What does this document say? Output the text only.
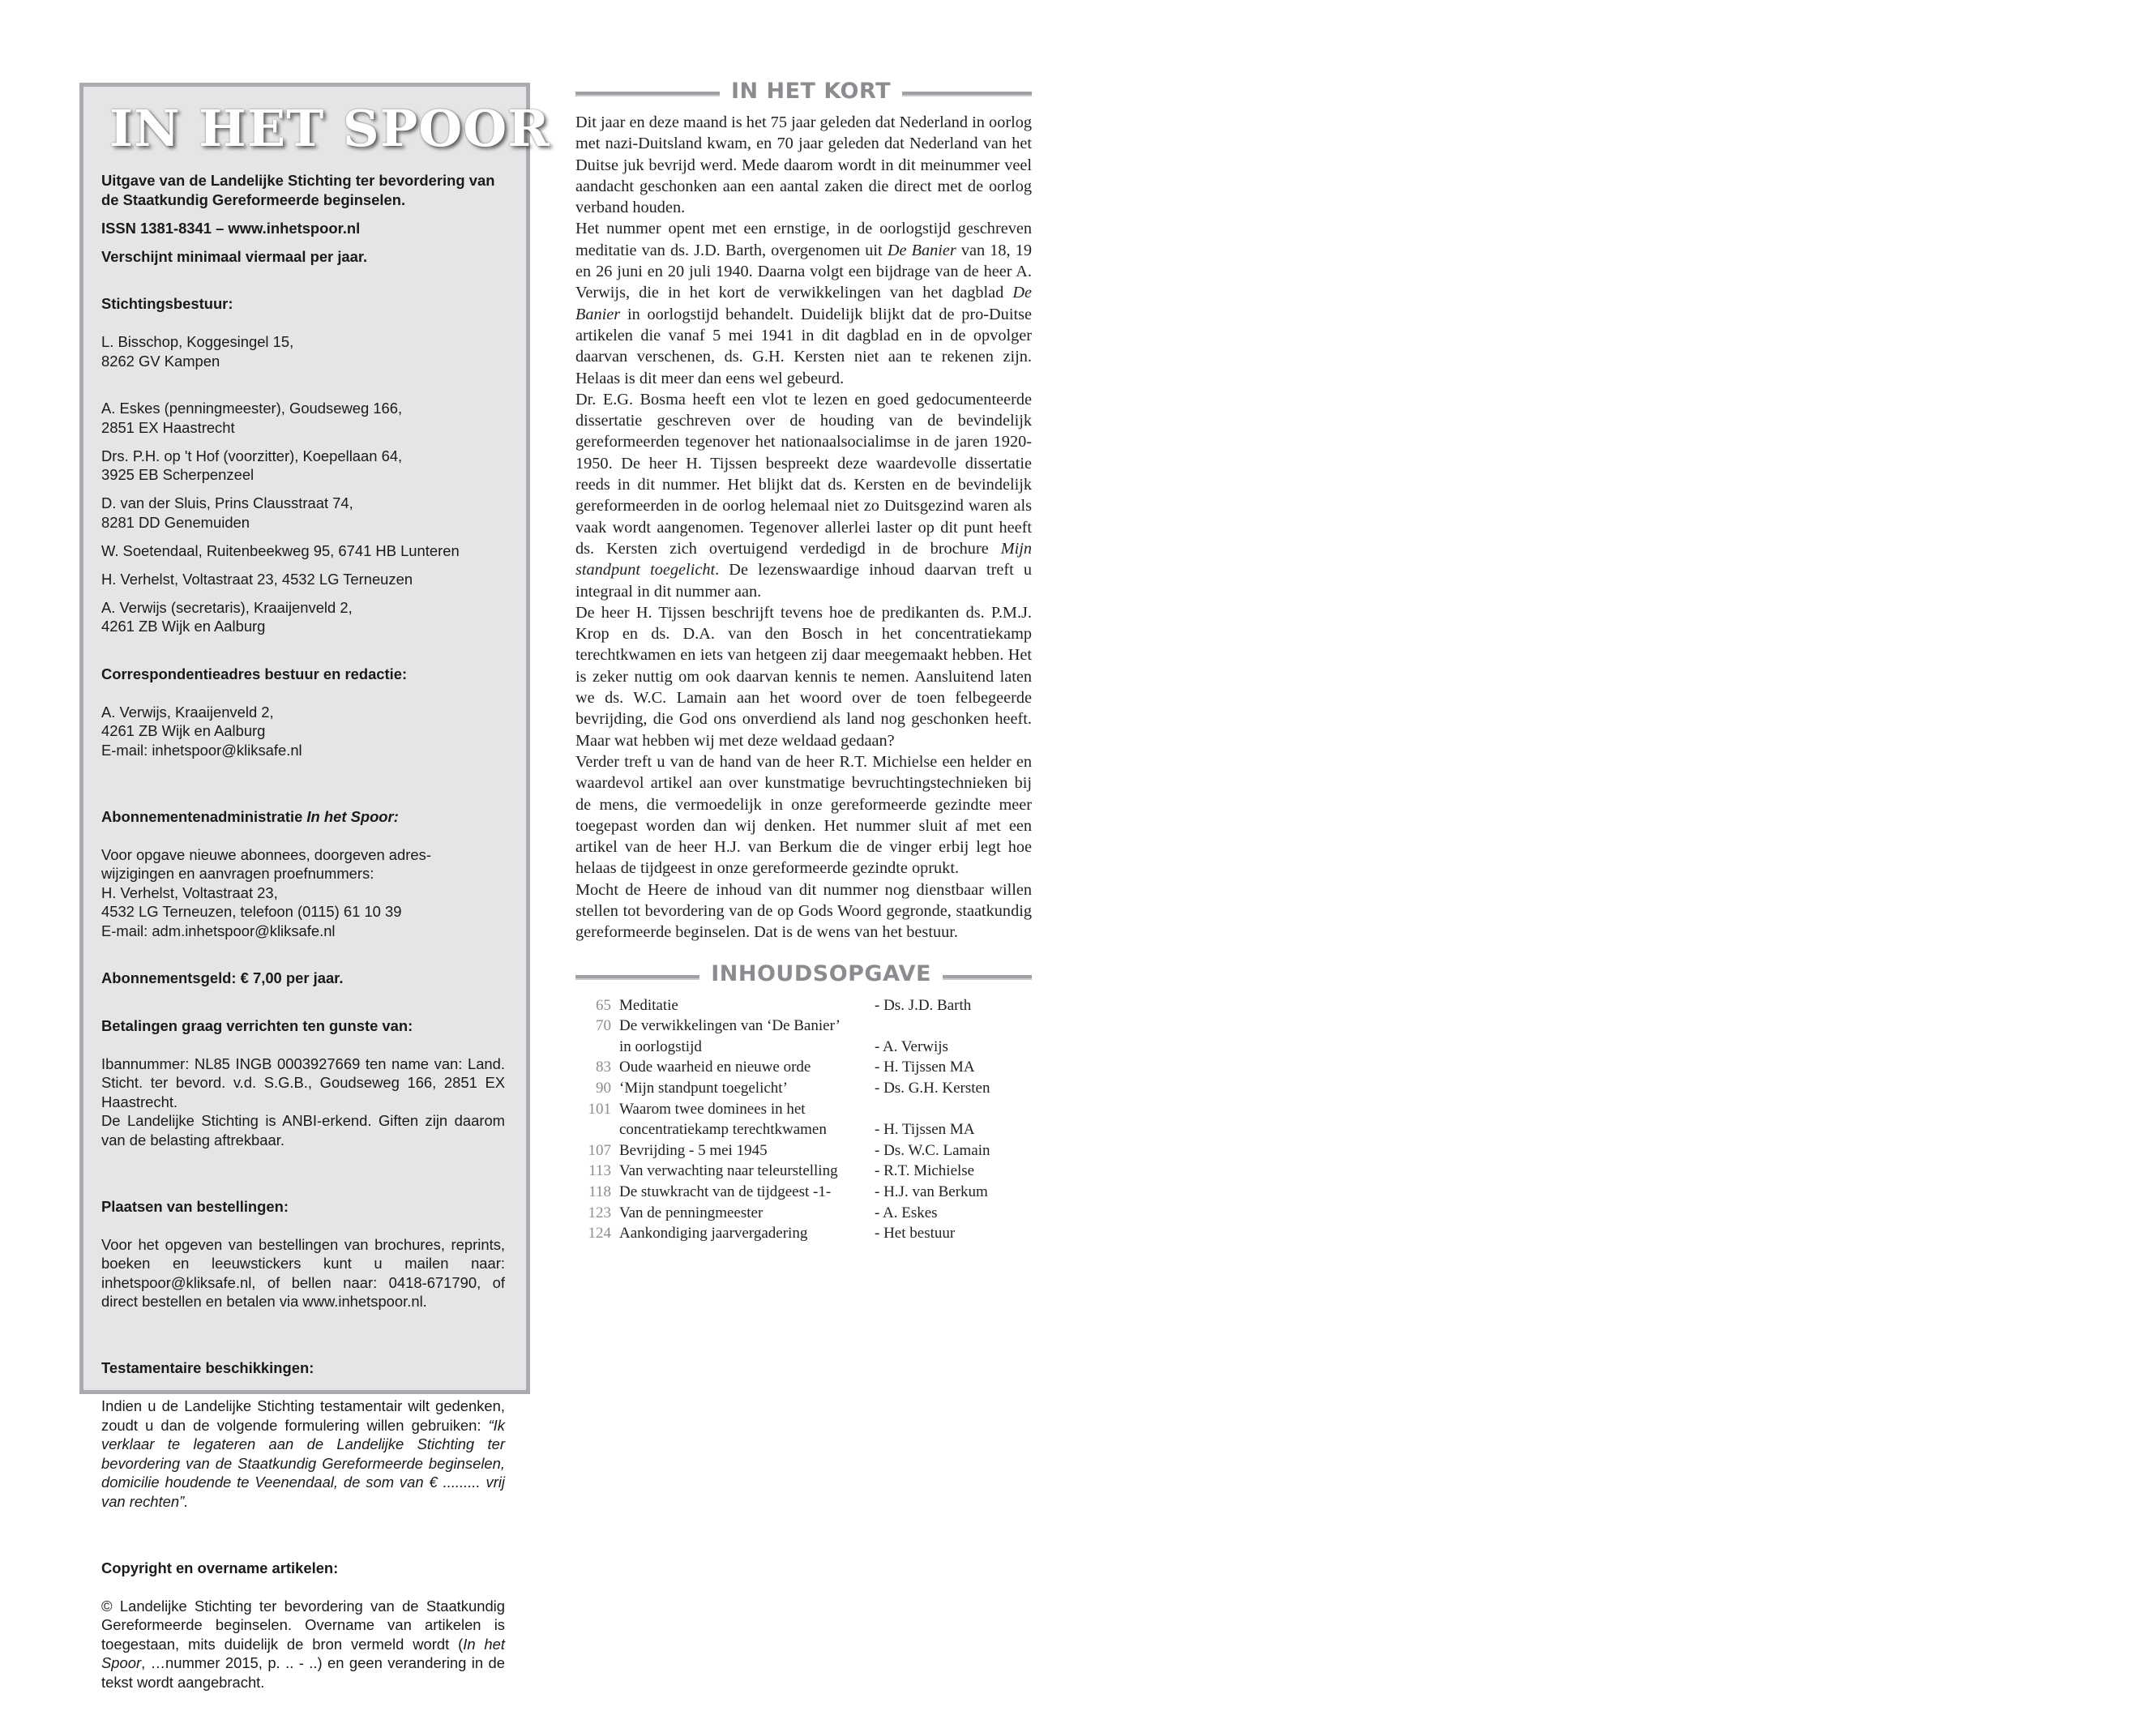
IN HET SPOOR
Uitgave van de Landelijke Stichting ter bevordering van de Staatkundig Gereformeerde beginselen.
ISSN 1381-8341 – www.inhetspoor.nl
Verschijnt minimaal viermaal per jaar.

Stichtingsbestuur:

L. Bisschop, Koggesingel 15,
8262 GV Kampen

A. Eskes (penningmeester), Goudseweg 166,
2851 EX Haastrecht
Drs. P.H. op 't Hof (voorzitter), Koepellaan 64,
3925 EB Scherpenzeel
D. van der Sluis, Prins Clausstraat 74,
8281 DD Genemuiden
W. Soetendaal, Ruitenbeekweg 95, 6741 HB Lunteren
H. Verhelst, Voltastraat 23, 4532 LG Terneuzen
A. Verwijs (secretaris), Kraaijenveld 2,
4261 ZB Wijk en Aalburg

Correspondentieadres bestuur en redactie:

A. Verwijs, Kraaijenveld 2,
4261 ZB Wijk en Aalburg
E-mail: inhetspoor@kliksafe.nl

Abonnementenadministratie In het Spoor:

Voor opgave nieuwe abonnees, doorgeven adres-
wijzigingen en aanvragen proefnummers:
H. Verhelst, Voltastraat 23,
4532 LG Terneuzen, telefoon (0115) 61 10 39
E-mail: adm.inhetspoor@kliksafe.nl

Abonnementsgeld: € 7,00 per jaar.

Betalingen graag verrichten ten gunste van:

Ibannummer: NL85 INGB 0003927669 ten name van: Land. Sticht. ter bevord. v.d. S.G.B., Goudseweg 166, 2851 EX Haastrecht.
De Landelijke Stichting is ANBI-erkend. Giften zijn daarom van de belasting aftrekbaar.

Plaatsen van bestellingen:

Voor het opgeven van bestellingen van brochures, reprints, boeken en leeuwstickers kunt u mailen naar: inhetspoor@kliksafe.nl, of bellen naar: 0418-671790, of direct bestellen en betalen via www.inhetspoor.nl.

Testamentaire beschikkingen:

Indien u de Landelijke Stichting testamentair wilt gedenken, zoudt u dan de volgende formulering willen gebruiken: “Ik verklaar te legateren aan de Landelijke Stichting ter bevordering van de Staatkundig Gereformeerde beginselen, domicilie houdende te Veenendaal, de som van € ......... vrij van rechten”.

Copyright en overname artikelen:

© Landelijke Stichting ter bevordering van de Staatkundig Gereformeerde beginselen. Overname van artikelen is toegestaan, mits duidelijk de bron vermeld wordt (In het Spoor, …nummer 2015, p. .. - ..) en geen verandering in de tekst wordt aangebracht.

IN HET KORT

Dit jaar en deze maand is het 75 jaar geleden dat Nederland in oorlog met nazi-Duitsland kwam, en 70 jaar geleden dat Nederland van het Duitse juk bevrijd werd. Mede daarom wordt in dit meinummer veel aandacht geschonken aan een aantal zaken die direct met de oorlog verband houden.

Het nummer opent met een ernstige, in de oorlogstijd geschreven meditatie van ds. J.D. Barth, overgenomen uit De Banier van 18, 19 en 26 juni en 20 juli 1940. Daarna volgt een bijdrage van de heer A. Verwijs, die in het kort de verwikkelingen van het dagblad De Banier in oorlogstijd behandelt. Duidelijk blijkt dat de pro-Duitse artikelen die vanaf 5 mei 1941 in dit dagblad en in de opvolger daarvan verschenen, ds. G.H. Kersten niet aan te rekenen zijn. Helaas is dit meer dan eens wel gebeurd.

Dr. E.G. Bosma heeft een vlot te lezen en goed gedocumenteerde dissertatie geschreven over de houding van de bevindelijk gereformeerden tegenover het nationaalsocialimse in de jaren 1920-1950. De heer H. Tijssen bespreekt deze waardevolle dissertatie reeds in dit nummer. Het blijkt dat ds. Kersten en de bevindelijk gereformeerden in de oorlog helemaal niet zo Duitsgezind waren als vaak wordt aangenomen. Tegenover allerlei laster op dit punt heeft ds. Kersten zich overtuigend verdedigd in de brochure Mijn standpunt toegelicht. De lezenswaardige inhoud daarvan treft u integraal in dit nummer aan.

De heer H. Tijssen beschrijft tevens hoe de predikanten ds. P.M.J. Krop en ds. D.A. van den Bosch in het concentratiekamp terechtkwamen en iets van hetgeen zij daar meegemaakt hebben. Het is zeker nuttig om ook daarvan kennis te nemen. Aansluitend laten we ds. W.C. Lamain aan het woord over de toen felbegeerde bevrijding, die God ons onverdiend als land nog geschonken heeft. Maar wat hebben wij met deze weldaad gedaan?

Verder treft u van de hand van de heer R.T. Michielse een helder en waardevol artikel aan over kunstmatige bevruchtingstechnieken bij de mens, die vermoedelijk in onze gereformeerde gezindte meer toegepast worden dan wij denken. Het nummer sluit af met een artikel van de heer H.J. van Berkum die de vinger erbij legt hoe helaas de tijdgeest in onze gereformeerde gezindte oprukt.

Mocht de Heere de inhoud van dit nummer nog dienstbaar willen stellen tot bevordering van de op Gods Woord gegronde, staatkundig gereformeerde beginselen. Dat is de wens van het bestuur.

INHOUDSOPGAVE
65 Meditatie	- Ds. J.D. Barth
70 De verwikkelingen van ‘De Banier’
in oorlogstijd	- A. Verwijs
83 Oude waarheid en nieuwe orde	- H. Tijssen MA
90 ‘Mijn standpunt toegelicht’	- Ds. G.H. Kersten
101 Waarom twee dominees in het
concentratiekamp terechtkwamen	- H. Tijssen MA
107 Bevrijding - 5 mei 1945	- Ds. W.C. Lamain
113 Van verwachting naar teleurstelling	- R.T. Michielse
118 De stuwkracht van de tijdgeest -1-	- H.J. van Berkum
123 Van de penningmeester	- A. Eskes
124 Aankondiging jaarvergadering	- Het bestuur
